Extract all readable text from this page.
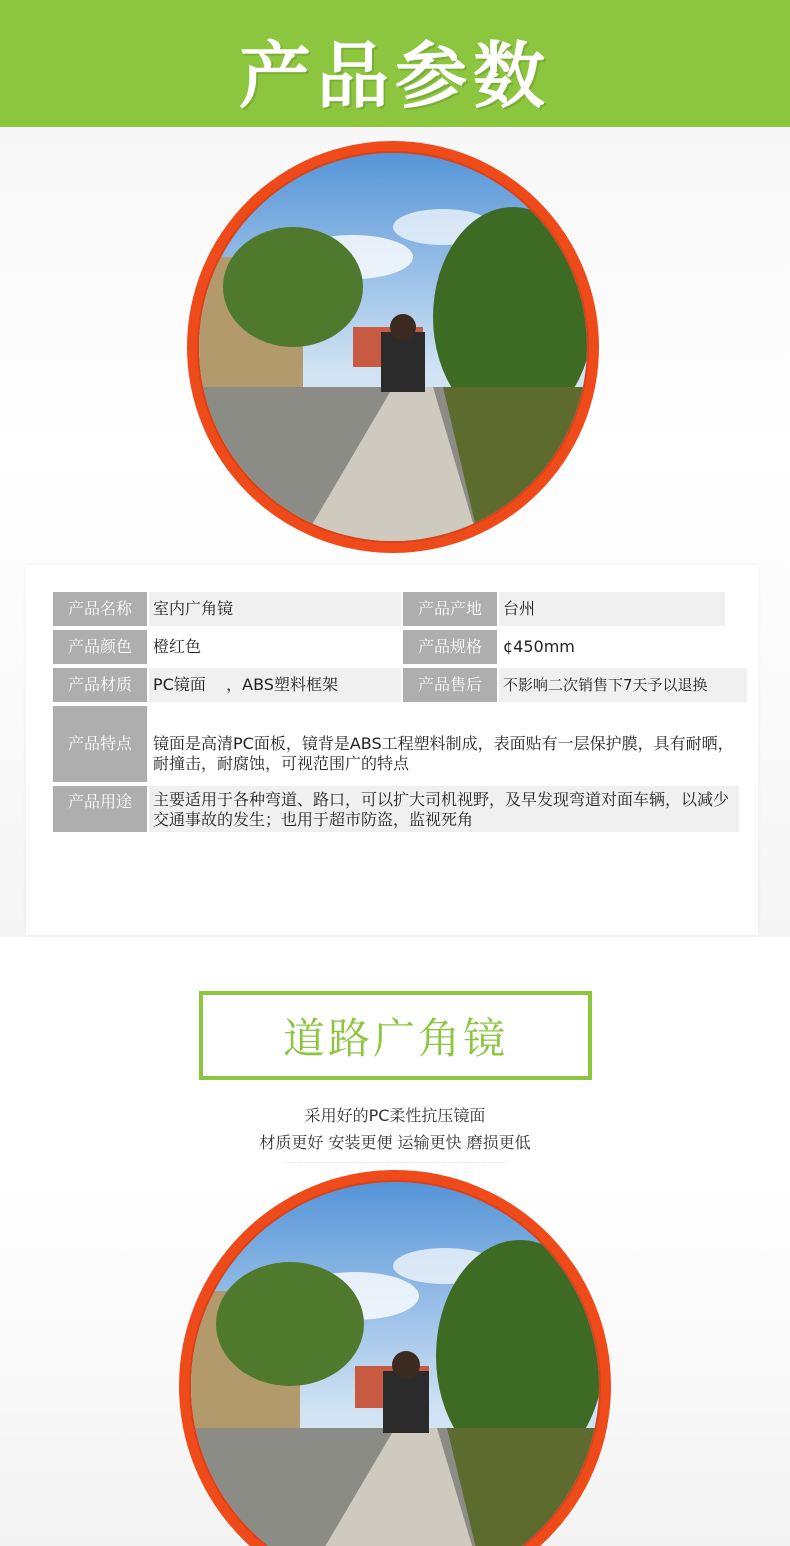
产品参数
产品名称	室内广角镜	产品产地	台州
产品颜色	橙红色	产品规格	¢450mm
产品材质	PC镜面    ，ABS塑料框架	产品售后	不影响二次销售下7天予以退换
产品特点	镜面是高清PC面板，镜背是ABS工程塑料制成，表面贴有一层保护膜，具有耐晒，耐撞击，耐腐蚀，可视范围广的特点
产品用途	主要适用于各种弯道、路口，可以扩大司机视野，及早发现弯道对面车辆，以减少交通事故的发生；也用于超市防盗，监视死角
道路广角镜
采用好的PC柔性抗压镜面
材质更好 安装更便 运输更快 磨损更低
·····················································································································
